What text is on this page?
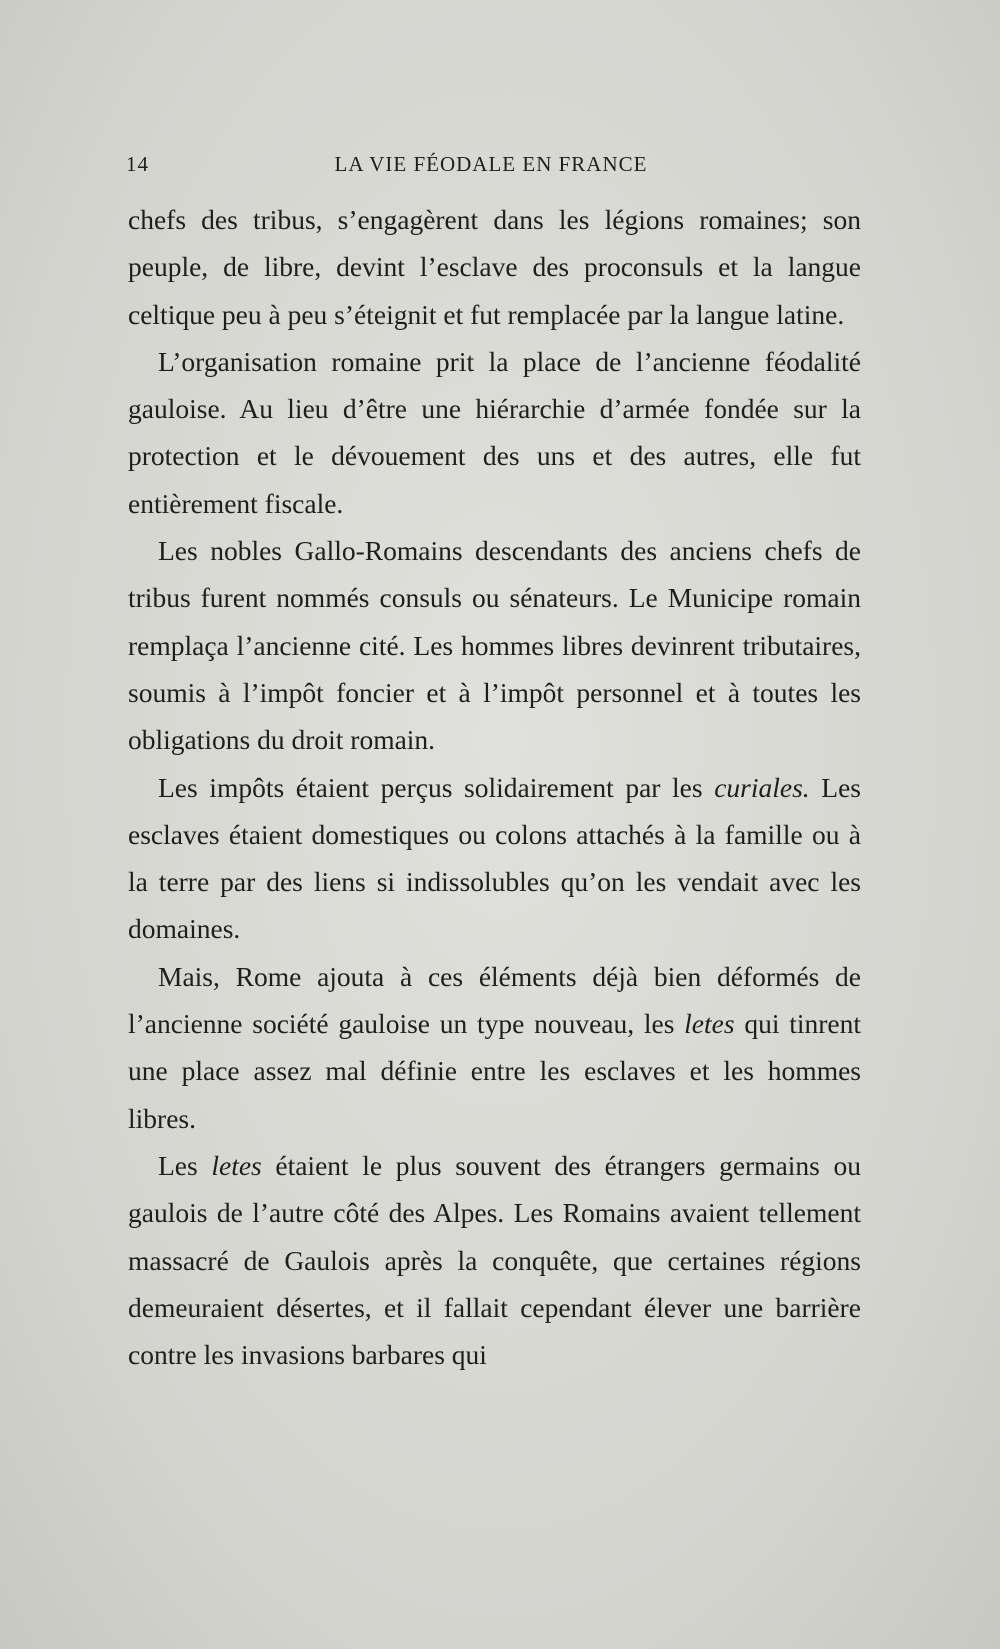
14	LA VIE FÉODALE EN FRANCE

chefs des tribus, s’engagèrent dans les légions romaines; son peuple, de libre, devint l’esclave des proconsuls et la langue celtique peu à peu s’éteignit et fut remplacée par la langue latine.

L’organisation romaine prit la place de l’ancienne féodalité gauloise. Au lieu d’être une hiérarchie d’armée fondée sur la protection et le dévouement des uns et des autres, elle fut entièrement fiscale.

Les nobles Gallo-Romains descendants des anciens chefs de tribus furent nommés consuls ou sénateurs. Le Municipe romain remplaça l’ancienne cité. Les hommes libres devinrent tributaires, soumis à l’impôt foncier et à l’impôt personnel et à toutes les obligations du droit romain.

Les impôts étaient perçus solidairement par les curiales. Les esclaves étaient domestiques ou colons attachés à la famille ou à la terre par des liens si indissolubles qu’on les vendait avec les domaines.

Mais, Rome ajouta à ces éléments déjà bien déformés de l’ancienne société gauloise un type nouveau, les letes qui tinrent une place assez mal définie entre les esclaves et les hommes libres.

Les letes étaient le plus souvent des étrangers germains ou gaulois de l’autre côté des Alpes. Les Romains avaient tellement massacré de Gaulois après la conquête, que certaines régions demeuraient désertes, et il fallait cependant élever une barrière contre les invasions barbares qui
